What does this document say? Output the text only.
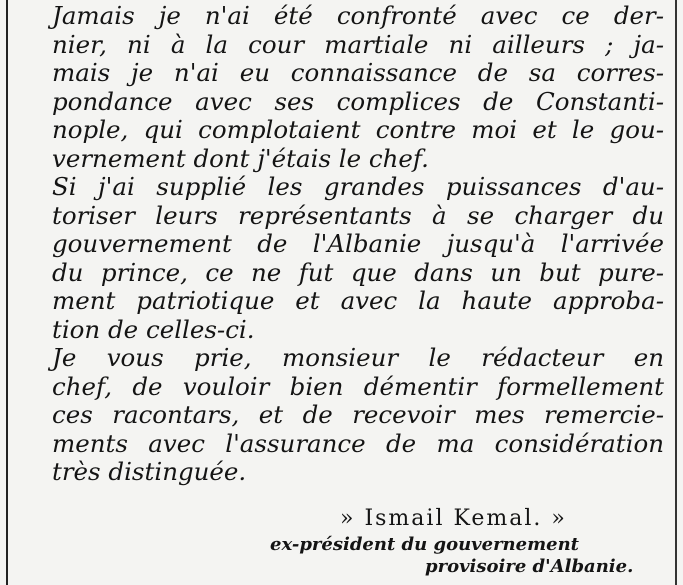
Jamais je n'ai été confronté avec ce der-
nier, ni à la cour martiale ni ailleurs ; ja-
mais je n'ai eu connaissance de sa corres-
pondance avec ses complices de Constanti-
nople, qui complotaient contre moi et le gou-
vernement dont j'étais le chef.

Si j'ai supplié les grandes puissances d'au-
toriser leurs représentants à se charger du
gouvernement de l'Albanie jusqu'à l'arrivée
du prince, ce ne fut que dans un but pure-
ment patriotique et avec la haute approba-
tion de celles-ci.

Je vous prie, monsieur le rédacteur en
chef, de vouloir bien démentir formellement
ces racontars, et de recevoir mes remercie-
ments avec l'assurance de ma considération
très distinguée.

» Ismail Kemal. »
ex-président du gouvernement
provisoire d'Albanie.
